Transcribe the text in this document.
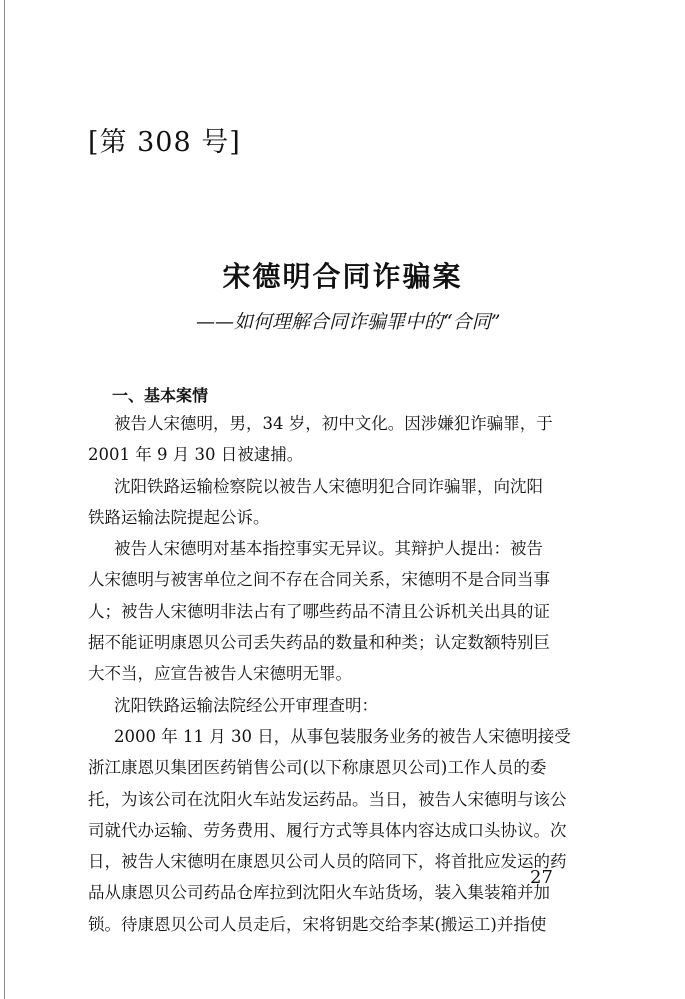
[第 308 号]
宋德明合同诈骗案
——如何理解合同诈骗罪中的“合同”
一、基本案情
被告人宋德明，男，34 岁，初中文化。因涉嫌犯诈骗罪，于
2001 年 9 月 30 日被逮捕。
沈阳铁路运输检察院以被告人宋德明犯合同诈骗罪，向沈阳
铁路运输法院提起公诉。
被告人宋德明对基本指控事实无异议。其辩护人提出：被告
人宋德明与被害单位之间不存在合同关系，宋德明不是合同当事
人；被告人宋德明非法占有了哪些药品不清且公诉机关出具的证
据不能证明康恩贝公司丢失药品的数量和种类；认定数额特别巨
大不当，应宣告被告人宋德明无罪。
沈阳铁路运输法院经公开审理查明：
2000 年 11 月 30 日，从事包装服务业务的被告人宋德明接受
浙江康恩贝集团医药销售公司(以下称康恩贝公司)工作人员的委
托，为该公司在沈阳火车站发运药品。当日，被告人宋德明与该公
司就代办运输、劳务费用、履行方式等具体内容达成口头协议。次
日，被告人宋德明在康恩贝公司人员的陪同下，将首批应发运的药
品从康恩贝公司药品仓库拉到沈阳火车站货场，装入集装箱并加
锁。待康恩贝公司人员走后，宋将钥匙交给李某(搬运工)并指使
27
